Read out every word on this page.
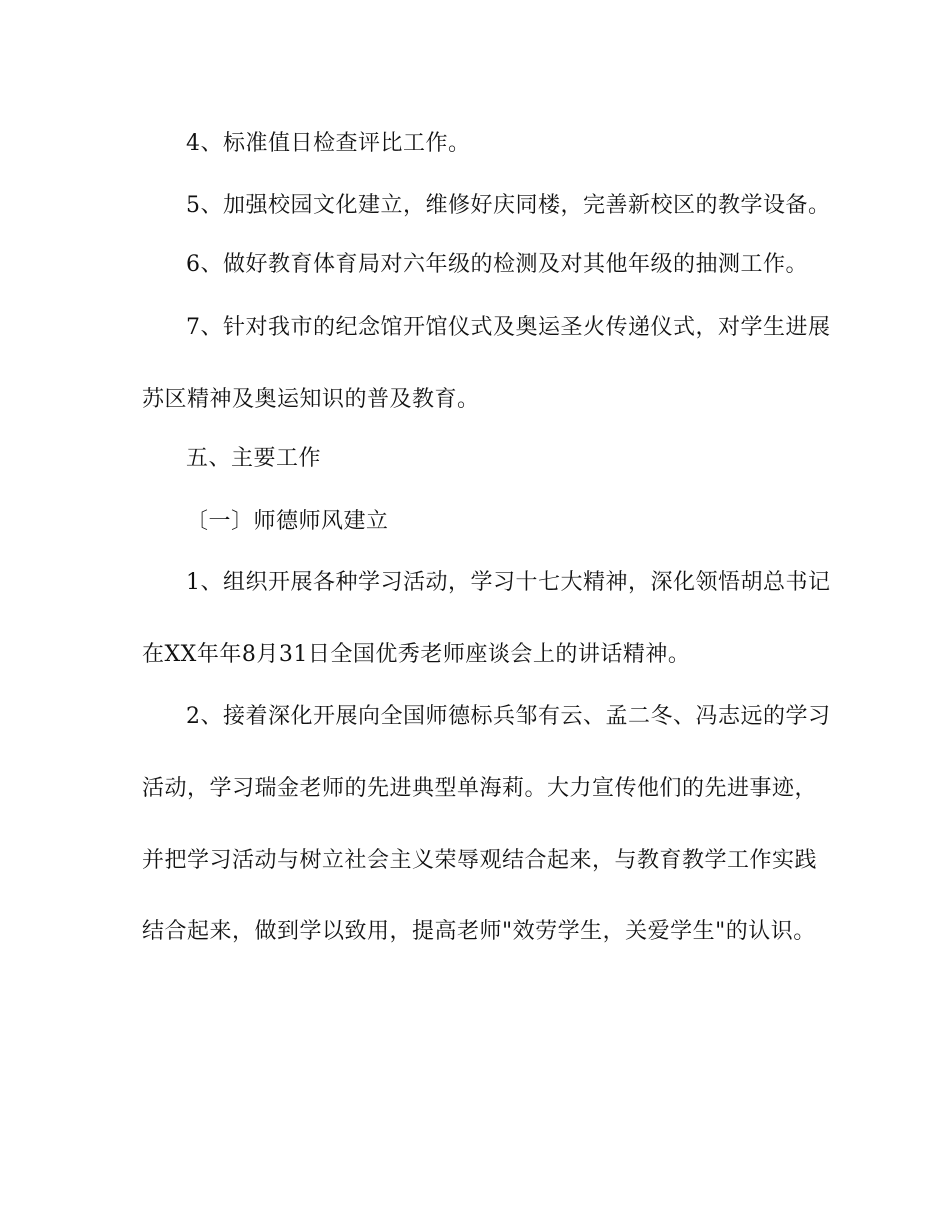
4、标准值日检查评比工作。
5、加强校园文化建立，维修好庆同楼，完善新校区的教学设备。
6、做好教育体育局对六年级的检测及对其他年级的抽测工作。
7、针对我市的纪念馆开馆仪式及奥运圣火传递仪式，对学生进展
苏区精神及奥运知识的普及教育。
五、主要工作
〔一〕师德师风建立
1、组织开展各种学习活动，学习十七大精神，深化领悟胡总书记
在XX年年8月31日全国优秀老师座谈会上的讲话精神。
2、接着深化开展向全国师德标兵邹有云、孟二冬、冯志远的学习
活动，学习瑞金老师的先进典型单海莉。大力宣传他们的先进事迹，
并把学习活动与树立社会主义荣辱观结合起来，与教育教学工作实践
结合起来，做到学以致用，提高老师"效劳学生，关爱学生"的认识。
